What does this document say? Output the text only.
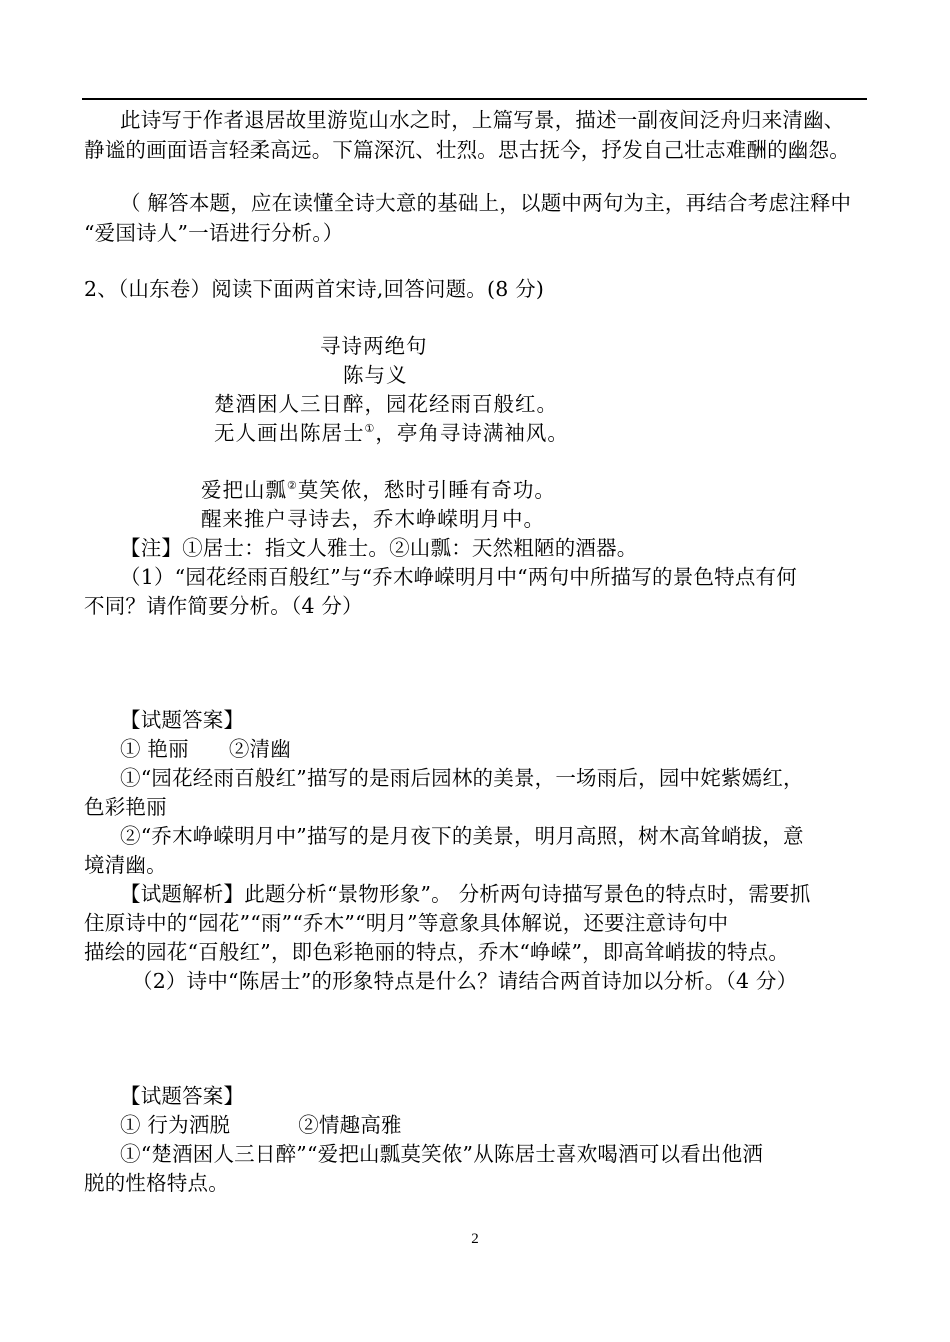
此诗写于作者退居故里游览山水之时，上篇写景，描述一副夜间泛舟归来清幽、
静谧的画面语言轻柔高远。下篇深沉、壮烈。思古抚今，抒发自己壮志难酬的幽怨。
（ 解答本题，应在读懂全诗大意的基础上，以题中两句为主，再结合考虑注释中
“爱国诗人”一语进行分析。）
2、（山东卷）阅读下面两首宋诗,回答问题。(8 分)
寻诗两绝句
陈与义
楚酒困人三日醉，园花经雨百般红。
无人画出陈居士①，亭角寻诗满袖风。
爱把山瓢②莫笑侬，愁时引睡有奇功。
醒来推户寻诗去，乔木峥嵘明月中。
【注】①居士：指文人雅士。②山瓢：天然粗陋的酒器。
（1）“园花经雨百般红”与“乔木峥嵘明月中“两句中所描写的景色特点有何
不同？请作简要分析。（4 分）
【试题答案】
① 艳丽 ②清幽
①“园花经雨百般红”描写的是雨后园林的美景，一场雨后，园中姹紫嫣红，
色彩艳丽
②“乔木峥嵘明月中”描写的是月夜下的美景，明月高照，树木高耸峭拔，意
境清幽。
【试题解析】此题分析“景物形象”。 分析两句诗描写景色的特点时，需要抓
住原诗中的“园花”“雨”“乔木”“明月”等意象具体解说，还要注意诗句中
描绘的园花“百般红”，即色彩艳丽的特点，乔木“峥嵘”，即高耸峭拔的特点。
（2）诗中“陈居士”的形象特点是什么？请结合两首诗加以分析。（4 分）
【试题答案】
① 行为洒脱	②情趣高雅
①“楚酒困人三日醉”“爱把山瓢莫笑侬”从陈居士喜欢喝酒可以看出他洒
脱的性格特点。
2
